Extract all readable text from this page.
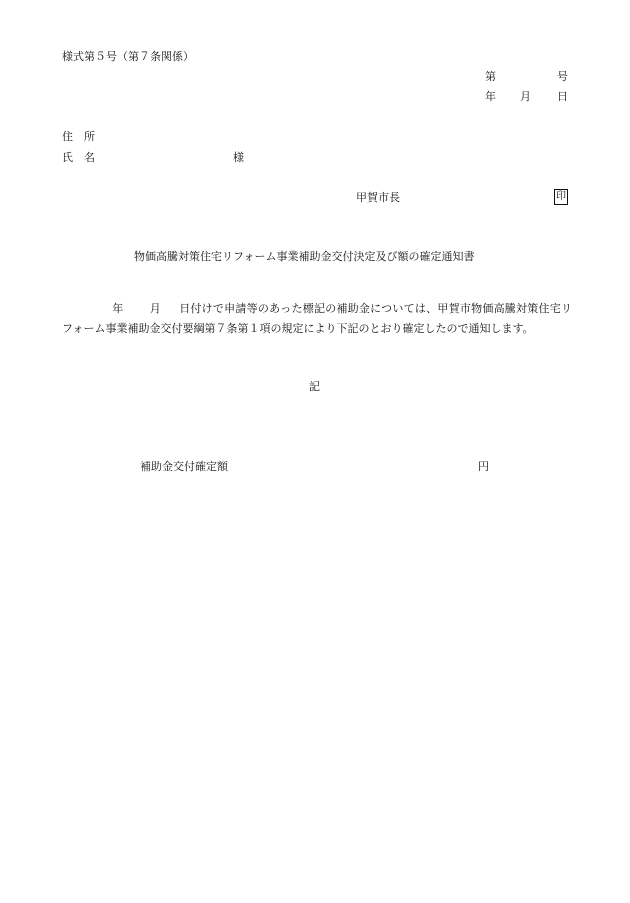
様式第５号（第７条関係）
第	号
年 月 日
住　所
氏　名	様
甲賀市長	印
物価高騰対策住宅リフォーム事業補助金交付決定及び額の確定通知書
年 月 日付けで申請等のあった標記の補助金については、甲賀市物価高騰対策住宅リフォーム事業補助金交付要綱第７条第１項の規定により下記のとおり確定したので通知します。
記
補助金交付確定額	円
